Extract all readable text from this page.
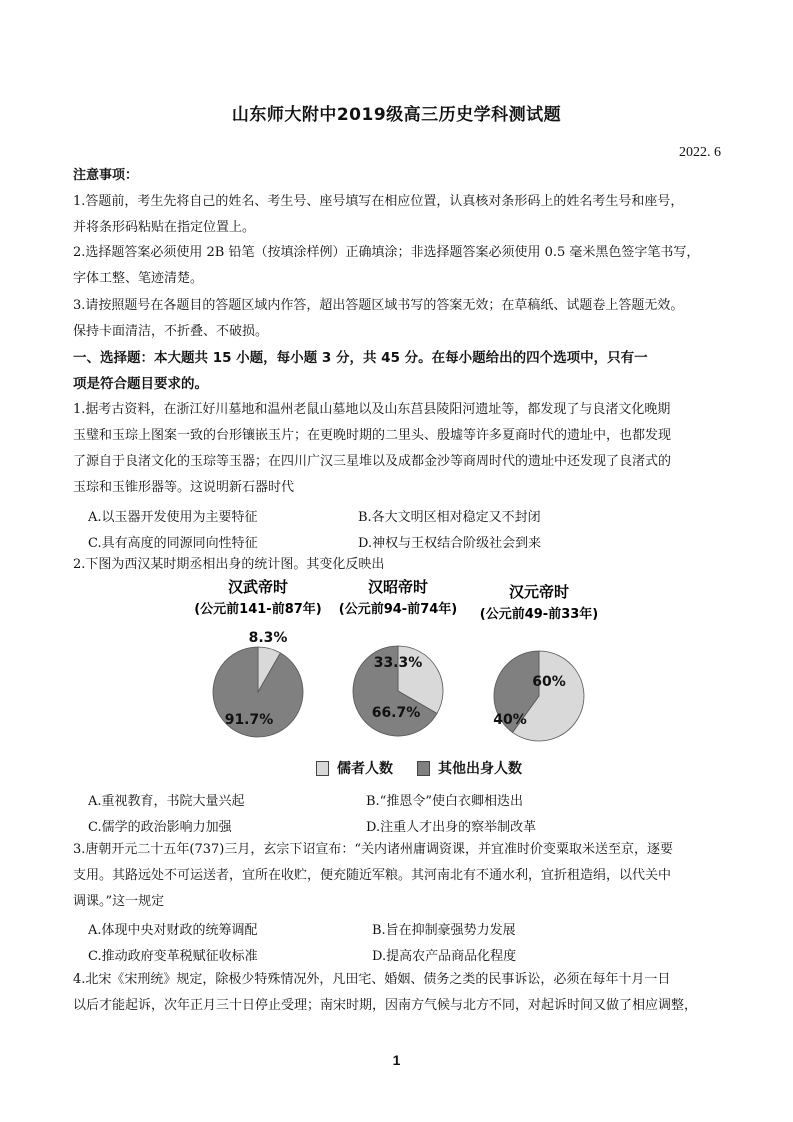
山东师大附中2019级高三历史学科测试题
2022. 6
注意事项：
1.答题前，考生先将自己的姓名、考生号、座号填写在相应位置，认真核对条形码上的姓名考生号和座号，
并将条形码粘贴在指定位置上。
2.选择题答案必须使用 2B 铅笔（按填涂样例）正确填涂；非选择题答案必须使用 0.5 毫米黑色签字笔书写，
字体工整、笔迹清楚。
3.请按照题号在各题目的答题区域内作答，超出答题区域书写的答案无效；在草稿纸、试题卷上答题无效。
保持卡面清洁，不折叠、不破损。
一、选择题：本大题共 15 小题，每小题 3 分，共 45 分。在每小题给出的四个选项中，只有一
项是符合题目要求的。
1.据考古资料，在浙江好川墓地和温州老鼠山墓地以及山东莒县陵阳河遗址等，都发现了与良渚文化晚期
玉璧和玉琮上图案一致的台形镶嵌玉片；在更晚时期的二里头、殷墟等许多夏商时代的遗址中，也都发现
了源自于良渚文化的玉琮等玉器；在四川广汉三星堆以及成都金沙等商周时代的遗址中还发现了良渚式的
玉琮和玉锥形器等。这说明新石器时代
A.以玉器开发使用为主要特征	B.各大文明区相对稳定又不封闭
C.具有高度的同源同向性特征	D.神权与王权结合阶级社会到来
2.下图为西汉某时期丞相出身的统计图。其变化反映出
汉武帝时
(公元前141-前87年)
8.3%
91.7%
汉昭帝时
(公元前94-前74年)
33.3%
66.7%
汉元帝时
(公元前49-前33年)
60%
40%
儒者人数	其他出身人数
A.重视教育，书院大量兴起	B.“推恩令”使白衣卿相迭出
C.儒学的政治影响力加强	D.注重人才出身的察举制改革
3.唐朝开元二十五年(737)三月，玄宗下诏宣布：“关内诸州庸调资课，并宜准时价变粟取米送至京，逐要
支用。其路远处不可运送者，宜所在收贮，便充随近军粮。其河南北有不通水利，宜折租造绢，以代关中
调课。”这一规定
A.体现中央对财政的统筹调配	B.旨在抑制豪强势力发展
C.推动政府变革税赋征收标准	D.提高农产品商品化程度
4.北宋《宋刑统》规定，除极少特殊情况外，凡田宅、婚姻、债务之类的民事诉讼，必须在每年十月一日
以后才能起诉，次年正月三十日停止受理；南宋时期，因南方气候与北方不同，对起诉时间又做了相应调整，
1
